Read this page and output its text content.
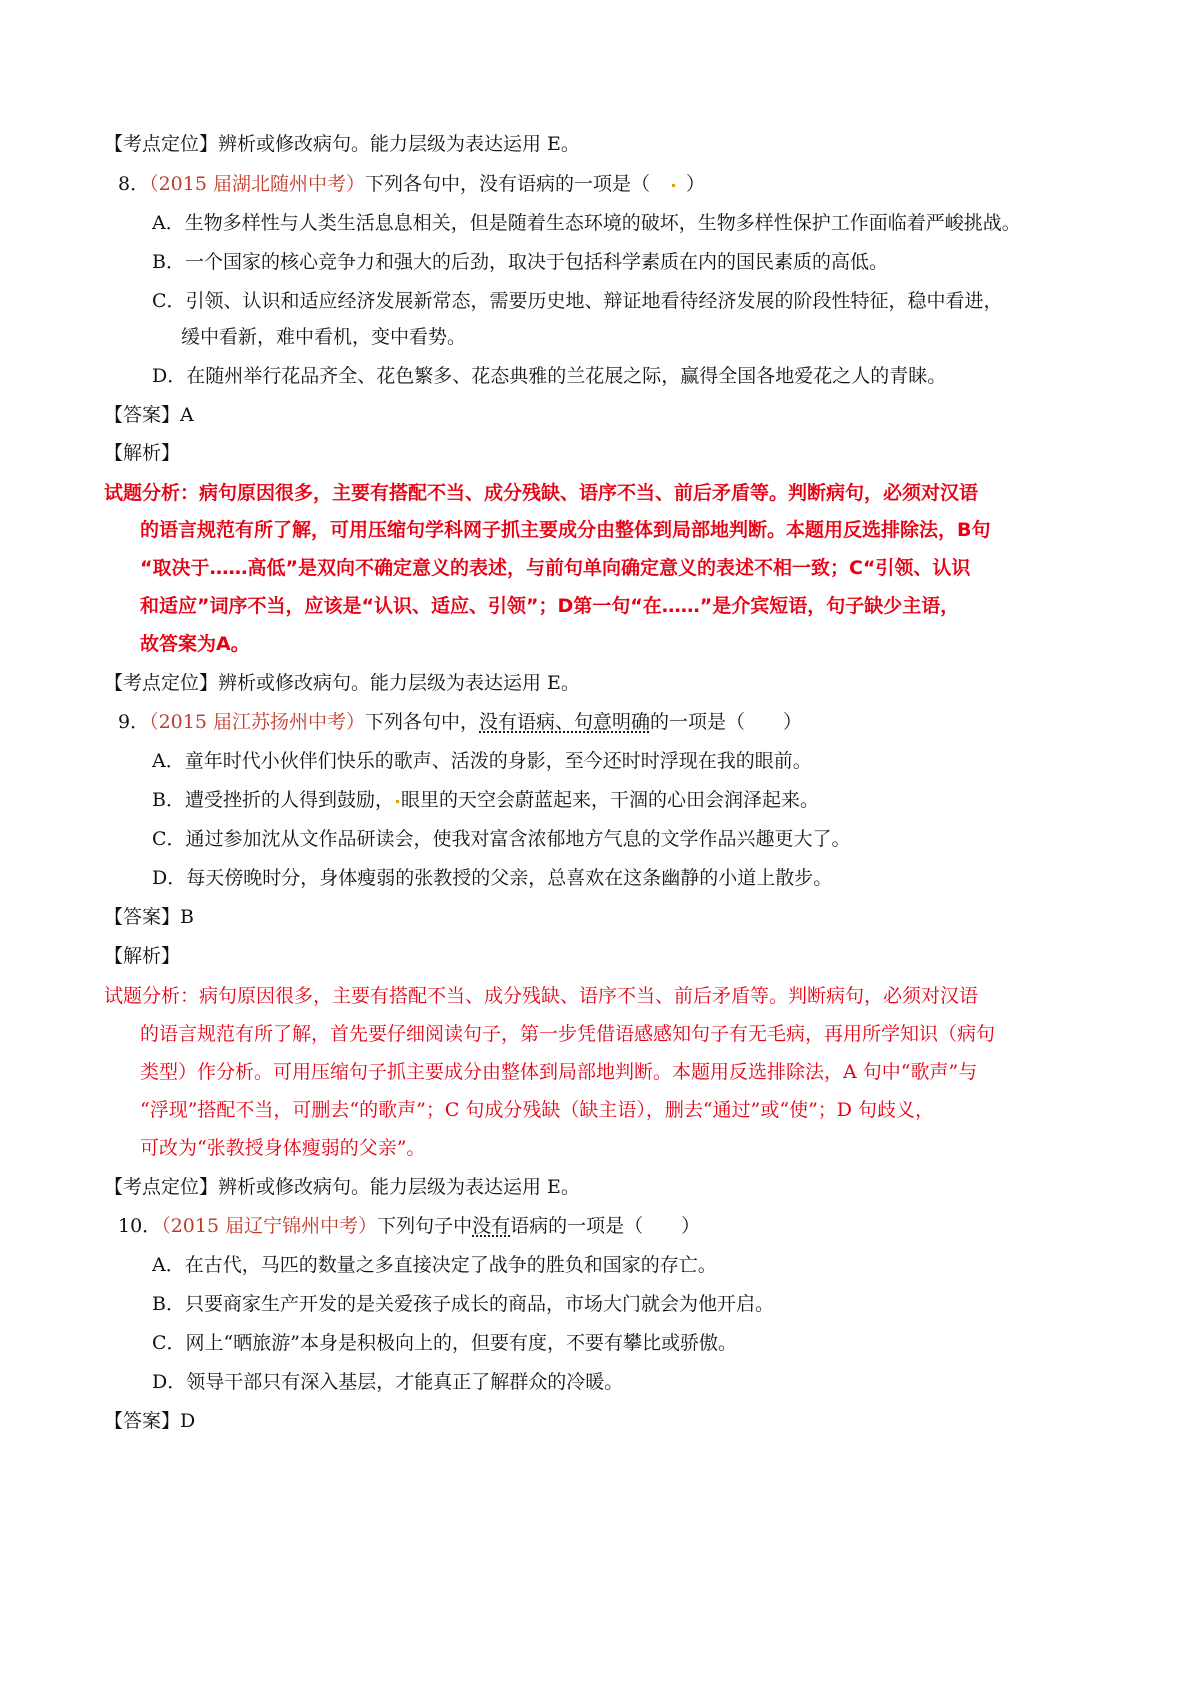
【考点定位】辨析或修改病句。能力层级为表达运用 E。
8．（2015 届湖北随州中考）下列各句中，没有语病的一项是（ ）
A．生物多样性与人类生活息息相关，但是随着生态环境的破坏，生物多样性保护工作面临着严峻挑战。
B．一个国家的核心竞争力和强大的后劲，取决于包括科学素质在内的国民素质的高低。
C．引领、认识和适应经济发展新常态，需要历史地、辩证地看待经济发展的阶段性特征，稳中看进，
缓中看新，难中看机，变中看势。
D．在随州举行花品齐全、花色繁多、花态典雅的兰花展之际，赢得全国各地爱花之人的青睐。
【答案】A
【解析】
试题分析：病句原因很多，主要有搭配不当、成分残缺、语序不当、前后矛盾等。判断病句，必须对汉语
的语言规范有所了解，可用压缩句学科网子抓主要成分由整体到局部地判断。本题用反选排除法，B句
“取决于……高低”是双向不确定意义的表述，与前句单向确定意义的表述不相一致；C“引领、认识
和适应”词序不当，应该是“认识、适应、引领”；D第一句“在……”是介宾短语，句子缺少主语，
故答案为A。
【考点定位】辨析或修改病句。能力层级为表达运用 E。
9．（2015 届江苏扬州中考）下列各句中，没有语病、句意明确的一项是（　　）
A．童年时代小伙伴们快乐的歌声、活泼的身影，至今还时时浮现在我的眼前。
B．遭受挫折的人得到鼓励， 眼里的天空会蔚蓝起来，干涸的心田会润泽起来。
C．通过参加沈从文作品研读会，使我对富含浓郁地方气息的文学作品兴趣更大了。
D．每天傍晚时分，身体瘦弱的张教授的父亲，总喜欢在这条幽静的小道上散步。
【答案】B
【解析】
试题分析：病句原因很多，主要有搭配不当、成分残缺、语序不当、前后矛盾等。判断病句，必须对汉语
的语言规范有所了解，首先要仔细阅读句子，第一步凭借语感感知句子有无毛病，再用所学知识（病句
类型）作分析。可用压缩句子抓主要成分由整体到局部地判断。本题用反选排除法，A 句中“歌声”与
“浮现”搭配不当，可删去“的歌声”；C 句成分残缺（缺主语），删去“通过”或“使”；D 句歧义，
可改为“张教授身体瘦弱的父亲”。
【考点定位】辨析或修改病句。能力层级为表达运用 E。
10．（2015 届辽宁锦州中考）下列句子中没有语病的一项是（　　）
A．在古代，马匹的数量之多直接决定了战争的胜负和国家的存亡。
B．只要商家生产开发的是关爱孩子成长的商品，市场大门就会为他开启。
C．网上“晒旅游”本身是积极向上的，但要有度，不要有攀比或骄傲。
D．领导干部只有深入基层，才能真正了解群众的冷暖。
【答案】D
